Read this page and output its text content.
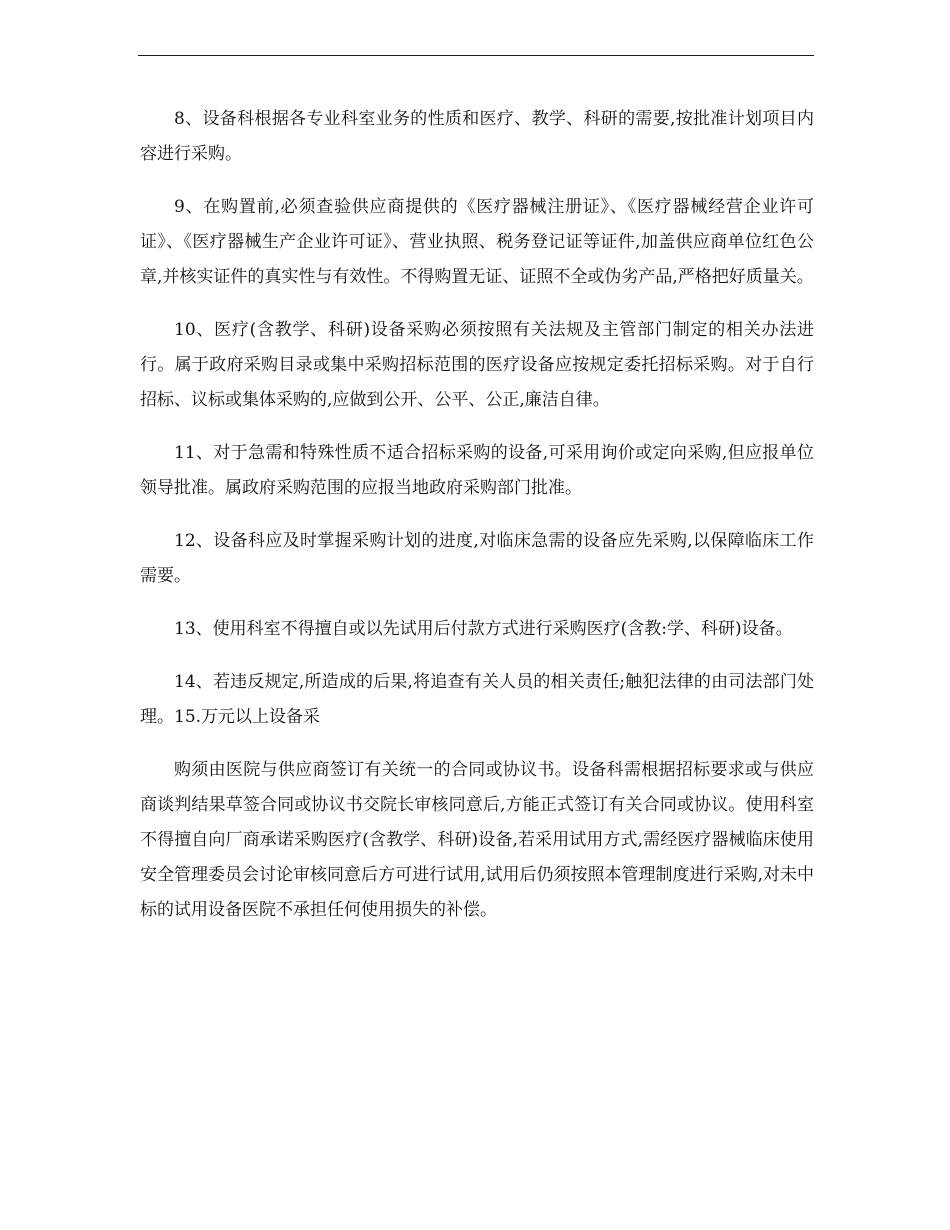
8、设备科根据各专业科室业务的性质和医疗、教学、科研的需要,按批准计划项目内容进行采购。

9、在购置前,必须查验供应商提供的《医疗器械注册证》、《医疗器械经营企业许可证》、《医疗器械生产企业许可证》、营业执照、税务登记证等证件,加盖供应商单位红色公章,并核实证件的真实性与有效性。不得购置无证、证照不全或伪劣产品,严格把好质量关。

10、医疗(含教学、科研)设备采购必须按照有关法规及主管部门制定的相关办法进行。属于政府采购目录或集中采购招标范围的医疗设备应按规定委托招标采购。对于自行招标、议标或集体采购的,应做到公开、公平、公正,廉洁自律。

11、对于急需和特殊性质不适合招标采购的设备,可采用询价或定向采购,但应报单位领导批准。属政府采购范围的应报当地政府采购部门批准。

12、设备科应及时掌握采购计划的进度,对临床急需的设备应先采购,以保障临床工作需要。

13、使用科室不得擅自或以先试用后付款方式进行采购医疗(含教:学、科研)设备。

14、若违反规定,所造成的后果,将追查有关人员的相关责任;触犯法律的由司法部门处理。15.万元以上设备采

购须由医院与供应商签订有关统一的合同或协议书。设备科需根据招标要求或与供应商谈判结果草签合同或协议书交院长审核同意后,方能正式签订有关合同或协议。使用科室不得擅自向厂商承诺采购医疗(含教学、科研)设备,若采用试用方式,需经医疗器械临床使用安全管理委员会讨论审核同意后方可进行试用,试用后仍须按照本管理制度进行采购,对未中标的试用设备医院不承担任何使用损失的补偿。
